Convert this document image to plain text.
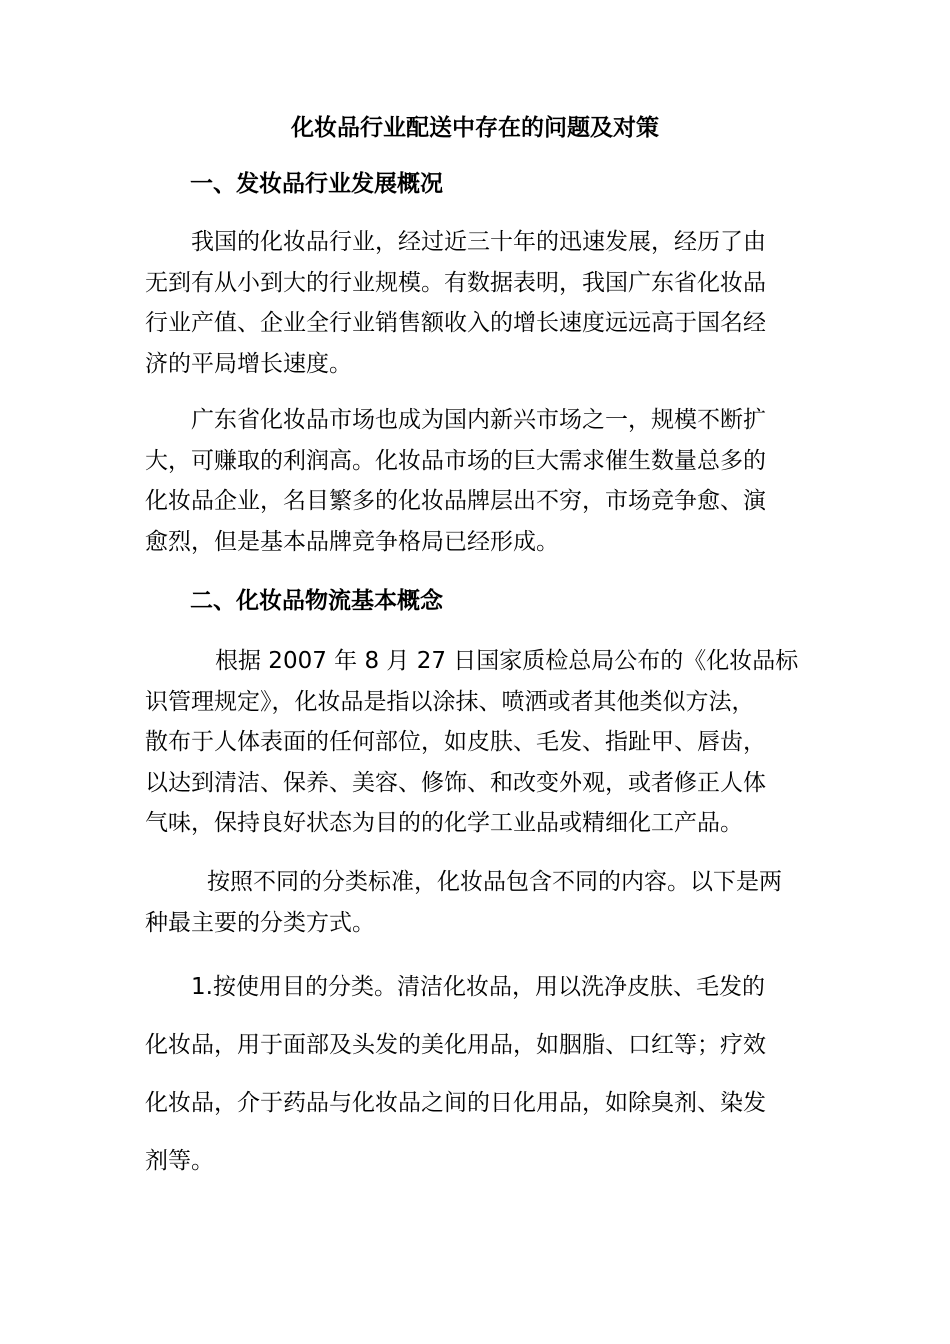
化妆品行业配送中存在的问题及对策
一、发妆品行业发展概况
我国的化妆品行业，经过近三十年的迅速发展，经历了由
无到有从小到大的行业规模。有数据表明，我国广东省化妆品
行业产值、企业全行业销售额收入的增长速度远远高于国名经
济的平局增长速度。
广东省化妆品市场也成为国内新兴市场之一，规模不断扩
大，可赚取的利润高。化妆品市场的巨大需求催生数量总多的
化妆品企业，名目繁多的化妆品牌层出不穷，市场竞争愈、演
愈烈，但是基本品牌竞争格局已经形成。
二、化妆品物流基本概念
根据 2007 年 8 月 27 日国家质检总局公布的《化妆品标
识管理规定》，化妆品是指以涂抹、喷洒或者其他类似方法，
散布于人体表面的任何部位，如皮肤、毛发、指趾甲、唇齿，
以达到清洁、保养、美容、修饰、和改变外观，或者修正人体
气味，保持良好状态为目的的化学工业品或精细化工产品。
按照不同的分类标准，化妆品包含不同的内容。以下是两
种最主要的分类方式。
1.按使用目的分类。清洁化妆品，用以洗净皮肤、毛发的
化妆品，用于面部及头发的美化用品，如胭脂、口红等；疗效
化妆品，介于药品与化妆品之间的日化用品，如除臭剂、染发
剂等。
